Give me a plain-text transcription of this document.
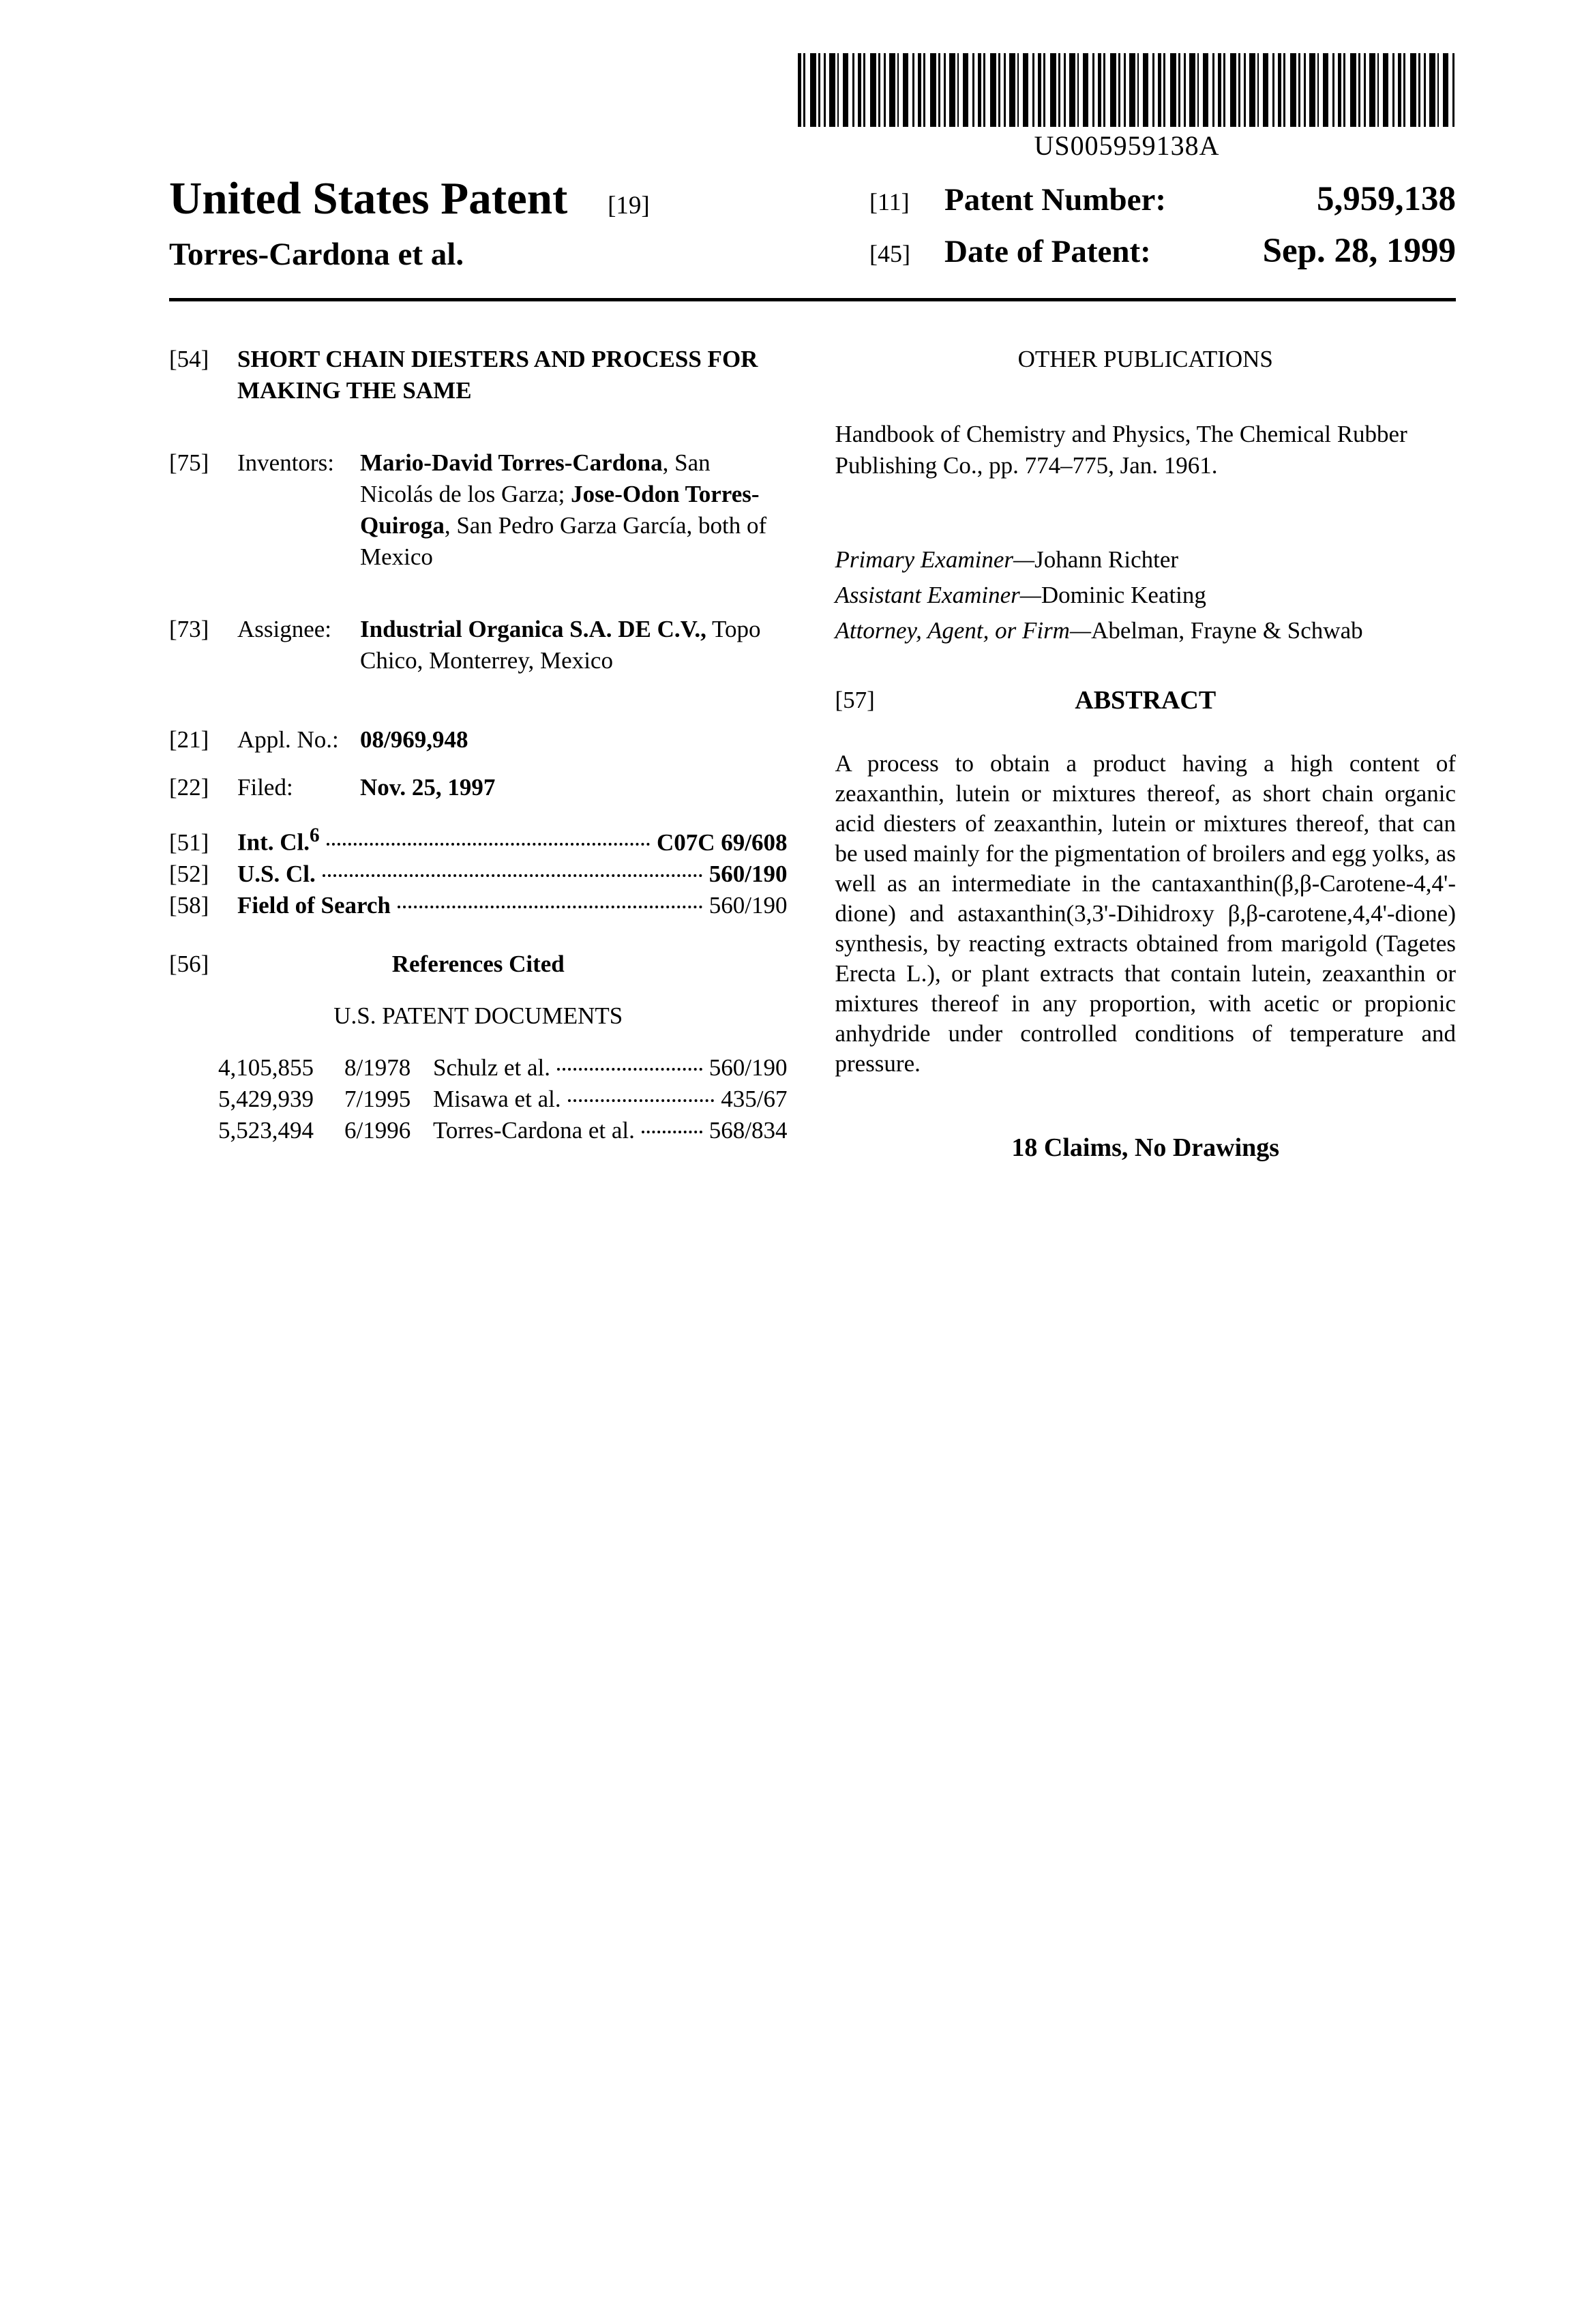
US005959138A
United States Patent [19]
Torres-Cardona et al.
[11]	Patent Number:	5,959,138
[45]	Date of Patent:	Sep. 28, 1999
[54]	SHORT CHAIN DIESTERS AND PROCESS FOR MAKING THE SAME
[75]	Inventors:	Mario-David Torres-Cardona, San Nicolás de los Garza; Jose-Odon Torres-Quiroga, San Pedro Garza García, both of Mexico
[73]	Assignee:	Industrial Organica S.A. DE C.V., Topo Chico, Monterrey, Mexico
[21]	Appl. No.: 08/969,948
[22]	Filed:	Nov. 25, 1997
[51]	Int. Cl.$^6$	C07C 69/608
[52]	U.S. Cl.	560/190
[58]	Field of Search	560/190
[56]	References Cited
U.S. PATENT DOCUMENTS
4,105,855	8/1978 Schulz et al.	560/190
5,429,939	7/1995 Misawa et al.	435/67
5,523,494	6/1996 Torres-Cardona et al.	568/834
OTHER PUBLICATIONS
Handbook of Chemistry and Physics, The Chemical Rubber Publishing Co., pp. 774–775, Jan. 1961.
Primary Examiner—Johann Richter
Assistant Examiner—Dominic Keating
Attorney, Agent, or Firm—Abelman, Frayne & Schwab
[57]	ABSTRACT
A process to obtain a product having a high content of zeaxanthin, lutein or mixtures thereof, as short chain organic acid diesters of zeaxanthin, lutein or mixtures thereof, that can be used mainly for the pigmentation of broilers and egg yolks, as well as an intermediate in the cantaxanthin(β,β-Carotene-4,4'-dione) and astaxanthin(3,3'-Dihidroxy β,β-carotene,4,4'-dione) synthesis, by reacting extracts obtained from marigold (Tagetes Erecta L.), or plant extracts that contain lutein, zeaxanthin or mixtures thereof in any proportion, with acetic or propionic anhydride under controlled conditions of temperature and pressure.
18 Claims, No Drawings
